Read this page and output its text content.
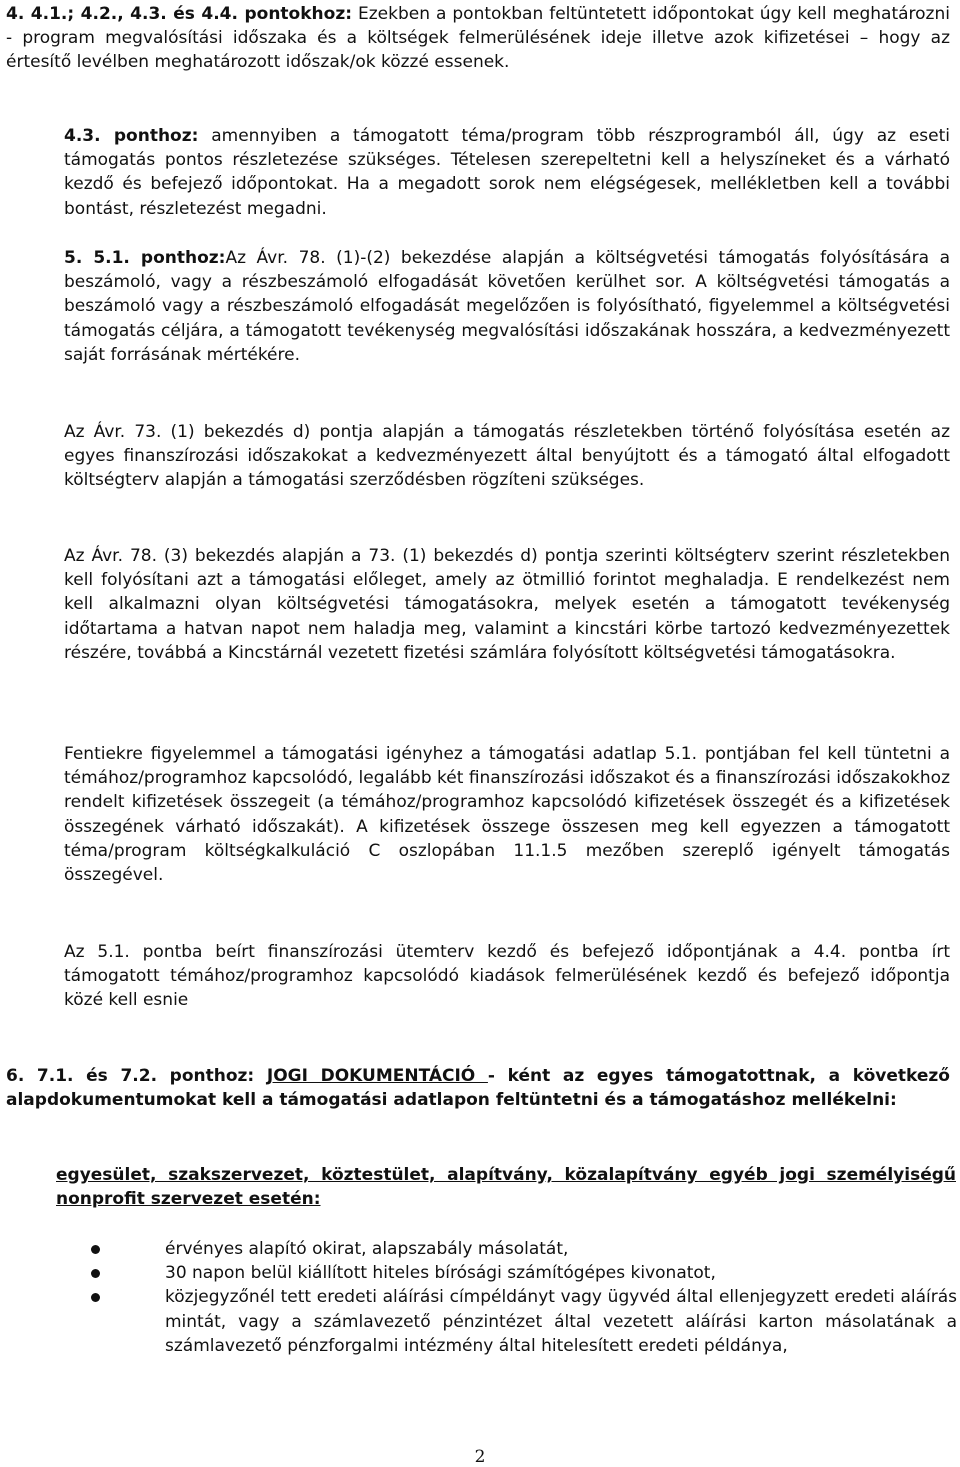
4. 4.1.; 4.2., 4.3. és 4.4. pontokhoz: Ezekben a pontokban feltüntetett időpontokat úgy kell meghatározni - program megvalósítási időszaka és a költségek felmerülésének ideje illetve azok kifizetései – hogy az értesítő levélben meghatározott időszak/ok közzé essenek.

4.3. ponthoz: amennyiben a támogatott téma/program több részprogramból áll, úgy az eseti támogatás pontos részletezése szükséges. Tételesen szerepeltetni kell a helyszíneket és a várható kezdő és befejező időpontokat. Ha a megadott sorok nem elégségesek, mellékletben kell a további bontást, részletezést megadni.

5. 5.1. ponthoz:Az Ávr. 78. (1)-(2) bekezdése alapján a költségvetési támogatás folyósítására a beszámoló, vagy a részbeszámoló elfogadását követően kerülhet sor. A költségvetési támogatás a beszámoló vagy a részbeszámoló elfogadását megelőzően is folyósítható, figyelemmel a költségvetési támogatás céljára, a támogatott tevékenység megvalósítási időszakának hosszára, a kedvezményezett saját forrásának mértékére.

Az Ávr. 73. (1) bekezdés d) pontja alapján a támogatás részletekben történő folyósítása esetén az egyes finanszírozási időszakokat a kedvezményezett által benyújtott és a támogató által elfogadott költségterv alapján a támogatási szerződésben rögzíteni szükséges.

Az Ávr. 78. (3) bekezdés alapján a 73. (1) bekezdés d) pontja szerinti költségterv szerint részletekben kell folyósítani azt a támogatási előleget, amely az ötmillió forintot meghaladja. E rendelkezést nem kell alkalmazni olyan költségvetési támogatásokra, melyek esetén a támogatott tevékenység időtartama a hatvan napot nem haladja meg, valamint a kincstári körbe tartozó kedvezményezettek részére, továbbá a Kincstárnál vezetett fizetési számlára folyósított költségvetési támogatásokra.

Fentiekre figyelemmel a támogatási igényhez a támogatási adatlap 5.1. pontjában fel kell tüntetni a témához/programhoz kapcsolódó, legalább két finanszírozási időszakot és a finanszírozási időszakokhoz rendelt kifizetések összegeit (a témához/programhoz kapcsolódó kifizetések összegét és a kifizetések összegének várható időszakát). A kifizetések összege összesen meg kell egyezzen a támogatott téma/program költségkalkuláció C oszlopában 11.1.5 mezőben szereplő igényelt támogatás összegével.

Az 5.1. pontba beírt finanszírozási ütemterv kezdő és befejező időpontjának a 4.4. pontba írt támogatott témához/programhoz kapcsolódó kiadások felmerülésének kezdő és befejező időpontja közé kell esnie

6. 7.1. és 7.2. ponthoz: JOGI DOKUMENTÁCIÓ - ként az egyes támogatottnak, a következő alapdokumentumokat kell a támogatási adatlapon feltüntetni és a támogatáshoz mellékelni:

egyesület, szakszervezet, köztestület, alapítvány, közalapítvány egyéb jogi személyiségű nonprofit szervezet esetén:

érvényes alapító okirat, alapszabály másolatát,
30 napon belül kiállított hiteles bírósági számítógépes kivonatot,
közjegyzőnél tett eredeti aláírási címpéldányt vagy ügyvéd által ellenjegyzett eredeti aláírás mintát, vagy a számlavezető pénzintézet által vezetett aláírási karton másolatának a számlavezető pénzforgalmi intézmény által hitelesített eredeti példánya,
2
